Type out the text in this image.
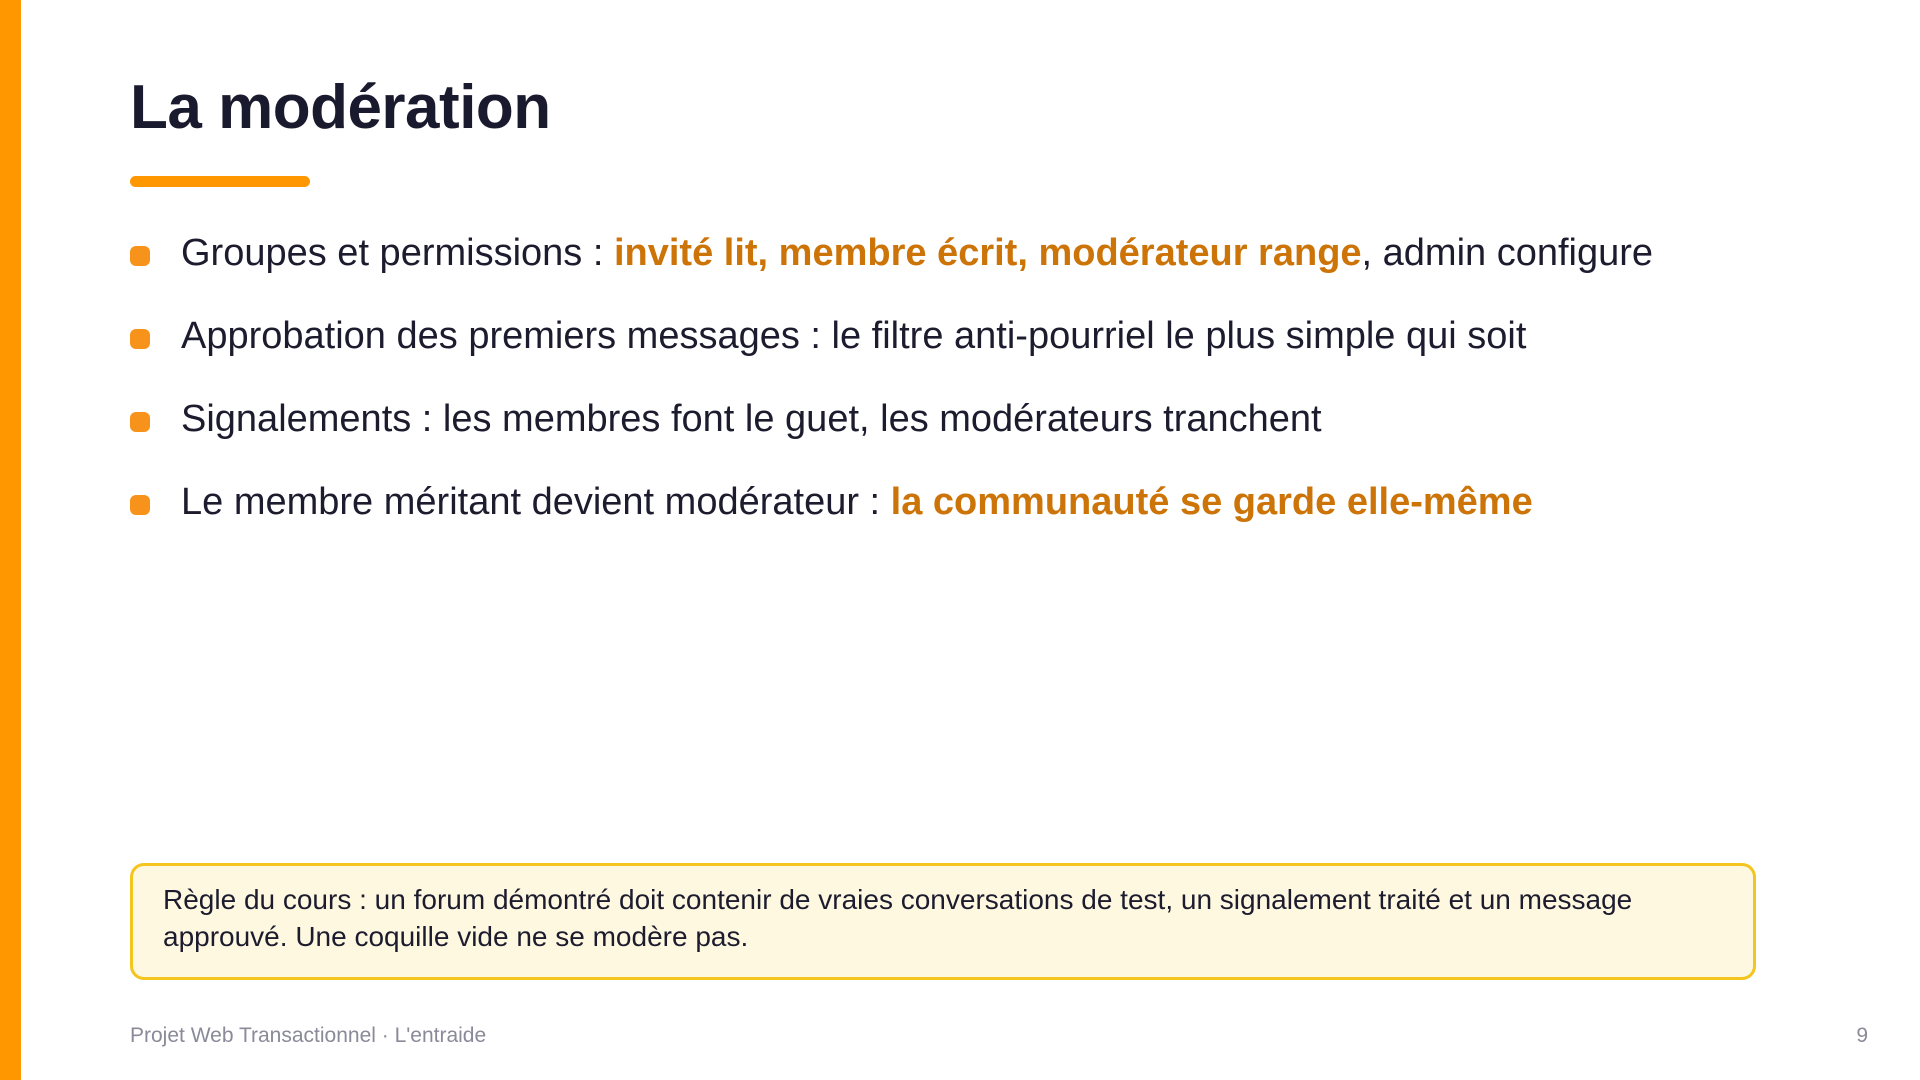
La modération
Groupes et permissions : invité lit, membre écrit, modérateur range, admin configure
Approbation des premiers messages : le filtre anti-pourriel le plus simple qui soit
Signalements : les membres font le guet, les modérateurs tranchent
Le membre méritant devient modérateur : la communauté se garde elle-même
Règle du cours : un forum démontré doit contenir de vraies conversations de test, un signalement traité et un message approuvé. Une coquille vide ne se modère pas.
Projet Web Transactionnel · L'entraide	9
